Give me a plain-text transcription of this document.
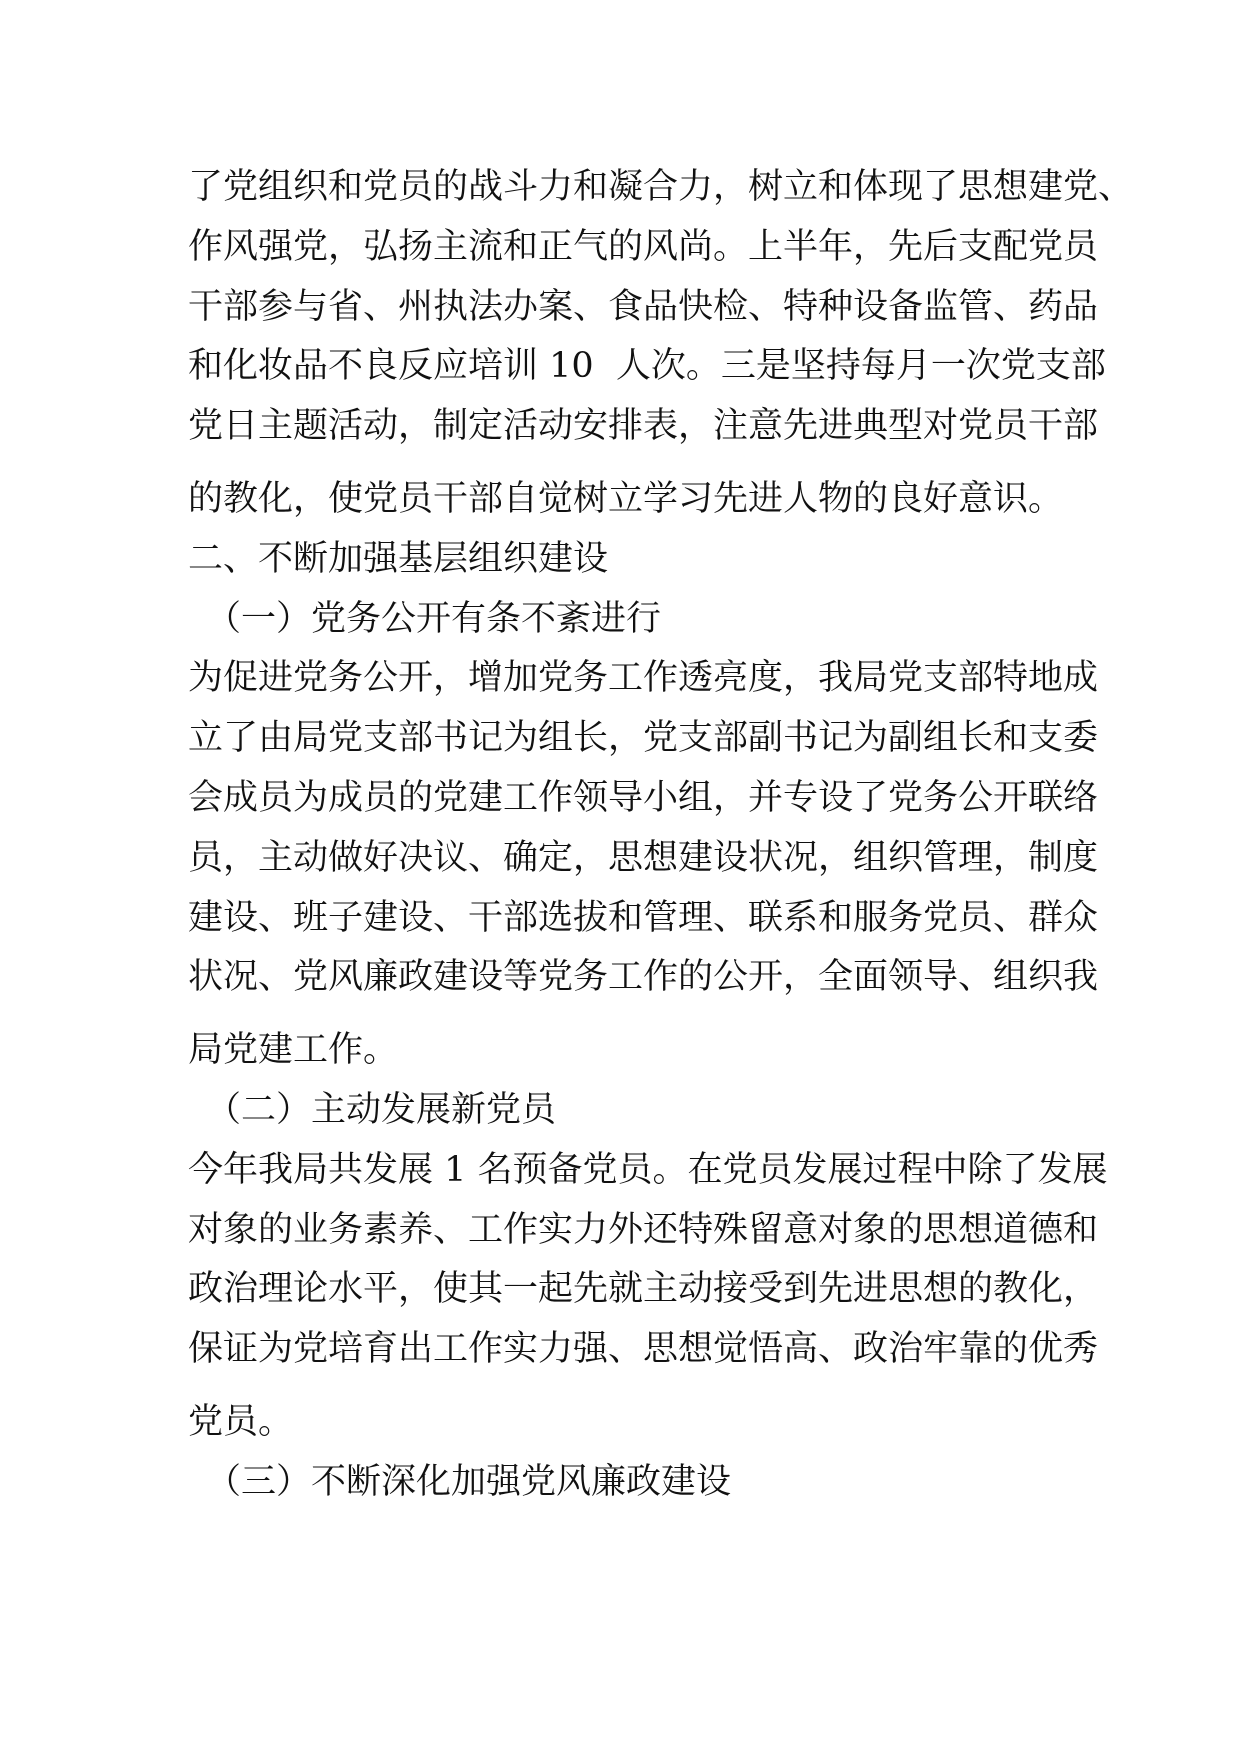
了党组织和党员的战斗力和凝合力，树立和体现了思想建党、

作风强党，弘扬主流和正气的风尚。上半年，先后支配党员

干部参与省、州执法办案、食品快检、特种设备监管、药品

和化妆品不良反应培训 10  人次。三是坚持每月一次党支部

党日主题活动，制定活动安排表，注意先进典型对党员干部

的教化，使党员干部自觉树立学习先进人物的良好意识。

二、不断加强基层组织建设

（一）党务公开有条不紊进行

为促进党务公开，增加党务工作透亮度，我局党支部特地成

立了由局党支部书记为组长，党支部副书记为副组长和支委

会成员为成员的党建工作领导小组，并专设了党务公开联络

员，主动做好决议、确定，思想建设状况，组织管理，制度

建设、班子建设、干部选拔和管理、联系和服务党员、群众

状况、党风廉政建设等党务工作的公开，全面领导、组织我

局党建工作。

（二）主动发展新党员

今年我局共发展 1 名预备党员。在党员发展过程中除了发展

对象的业务素养、工作实力外还特殊留意对象的思想道德和

政治理论水平，使其一起先就主动接受到先进思想的教化，

保证为党培育出工作实力强、思想觉悟高、政治牢靠的优秀

党员。

（三）不断深化加强党风廉政建设
